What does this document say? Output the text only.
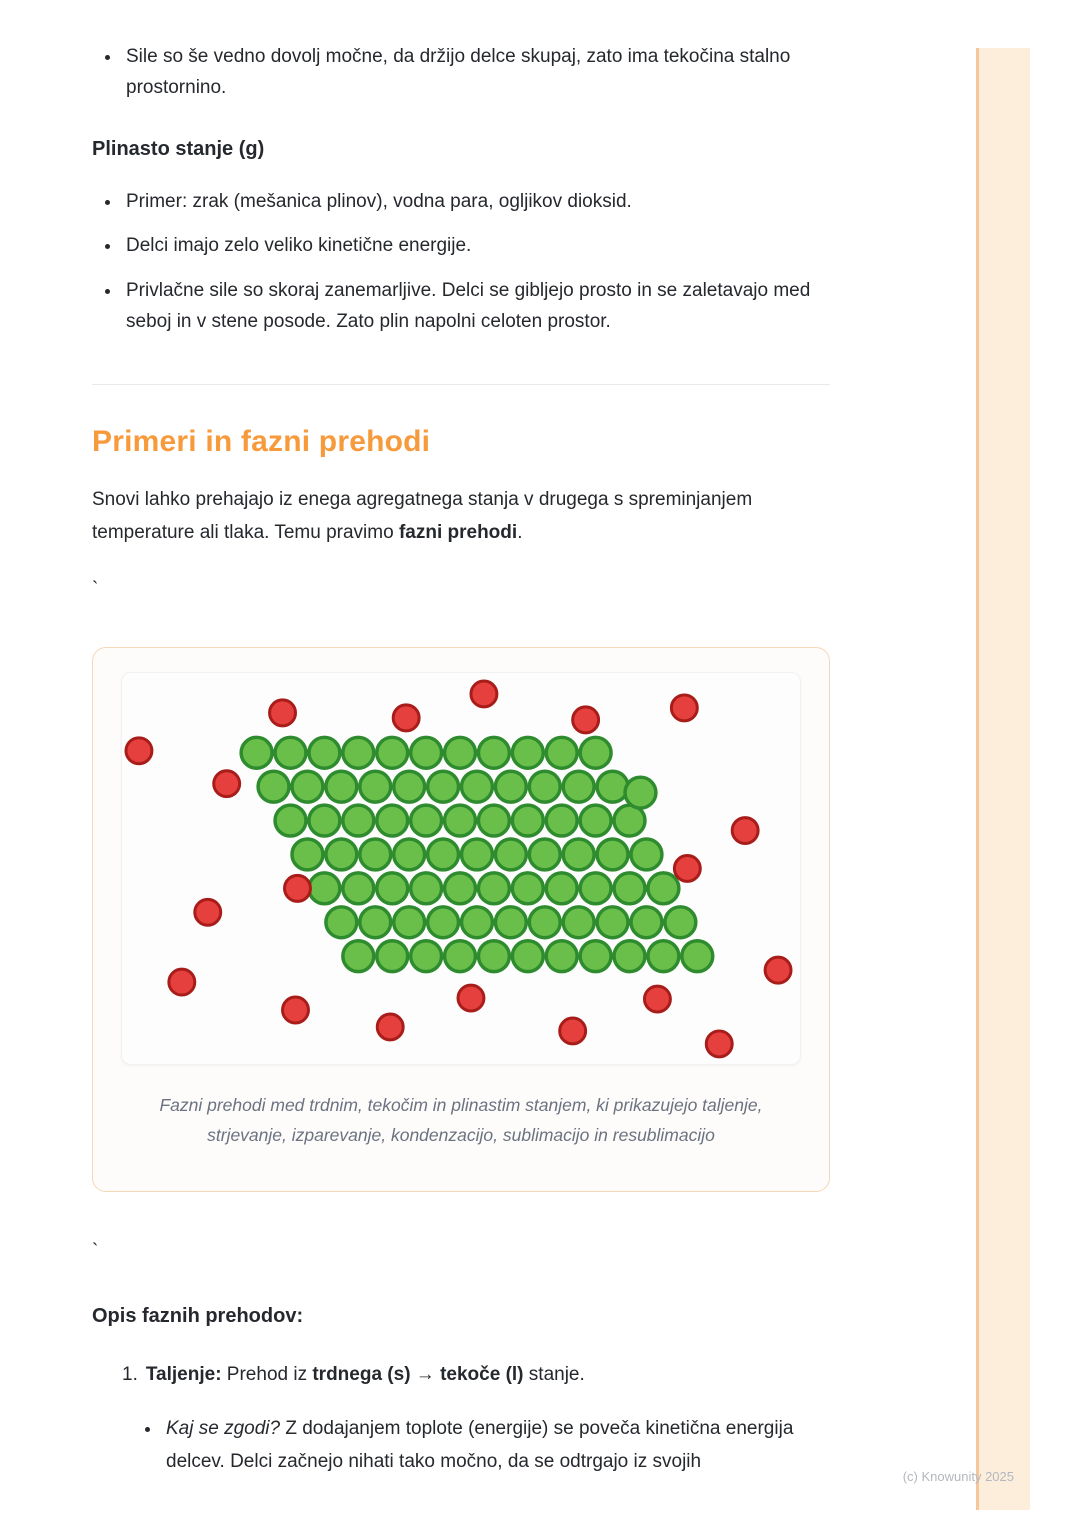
(c) Knowunity 2025
• Sile so še vedno dovolj močne, da držijo delce skupaj, zato ima tekočina stalno prostornino.
Plinasto stanje (g)
• Primer: zrak (mešanica plinov), vodna para, ogljikov dioksid.
• Delci imajo zelo veliko kinetične energije.
• Privlačne sile so skoraj zanemarljive. Delci se gibljejo prosto in se zaletavajo med seboj in v stene posode. Zato plin napolni celoten prostor.
Primeri in fazni prehodi

Snovi lahko prehajajo iz enega agregatnega stanja v drugega s spreminjanjem temperature ali tlaka. Temu pravimo fazni prehodi.

`
Fazni prehodi med trdnim, tekočim in plinastim stanjem, ki prikazujejo taljenje, strjevanje, izparevanje, kondenzacijo, sublimacijo in resublimacijo
`
Opis faznih prehodov:
1. Taljenje: Prehod iz trdnega (s) → tekoče (l) stanje.
• Kaj se zgodi? Z dodajanjem toplote (energije) se poveča kinetična energija delcev. Delci začnejo nihati tako močno, da se odtrgajo iz svojih
